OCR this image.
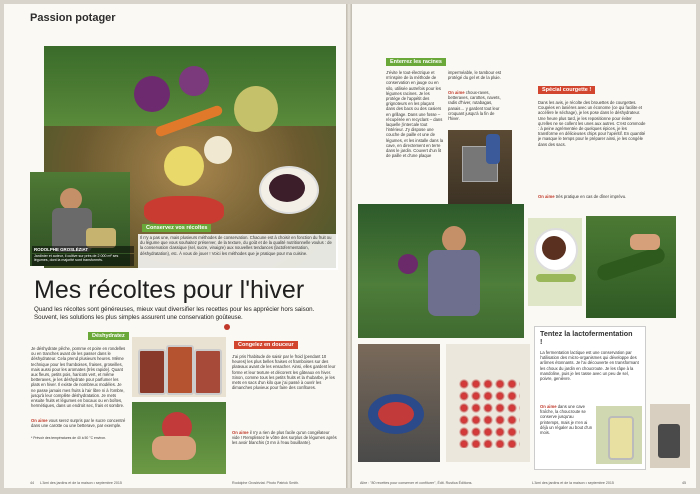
Passion potager
RODOLPHE GROSLÉZIAT
Jardinier et auteur, il cultive sur près de 2 000 m² ses légumes, dont la majorité sont transformés.
Conservez vos récoltes
Il n'y a pas une, mais plusieurs méthodes de conservation. Chacune est à choisir en fonction du fruit ou du légume que vous souhaitez préserver, de la texture, du goût et de la qualité nutritionnelle voulus : de la conservation classique (sel, sucre, vinaigre) aux nouvelles tendances (lactofermentation, déshydratation), etc. À vous de jouer ! Voici les méthodes que je pratique pour ma cuisine.
Mes récoltes pour l'hiver
Quand les récoltes sont généreuses, mieux vaut diversifier les recettes pour les apprécier hors saison. Souvent, les solutions les plus simples assurent une conservation goûteuse.
Déshydratez
Je déshydrate pêche, pomme et poire en rondelles ou en tranches avant de les passer dans le déshydrateur. Cela prend plusieurs heures. Même technique pour les framboises, fraises, groseilles, mais aussi pour les aromates (très rapide). Quant aux fleurs, petits pois, haricots vert, et même betteraves, je les déshydrate pour parfumer les plats en hiver. Il existe de nombreux modèles. Je ne passe jamais mes fruits à l'air libre ni à l'ombre, jusqu'à leur complète déshydratation. Je mets ensuite fruits et légumes en bocaux ou en boîtes, hermétiques, dans un endroit sec, frais et sombre.
On aime vous serez surpris par le sucre concentré dans une carotte ou une betterave, par exemple.
* Prévoir des températures de 40 à 50 °C environ.
Congelez en douceur
J'ai pris l'habitude de saisir par le froid (pendant 10 heures) les plus belles fraises et framboises sur des plateaux avant de les ensacher. Ainsi, elles gardent leur forme et leur texture et décorent les gâteaux en hiver. Sinon, comme tous les petits fruits et la rhubarbe, je les mets en sacs d'un kilo que j'ai passé à ouvrir les dimanches pluvieux pour faire des confitures.
On aime il n'y a rien de plus facile qu'un congélateur vide ! Remplissez le vôtre des surplus de légumes après les avoir blanchis (3 mn à l'eau bouillante).
44 L'Ami des jardins et de la maison • septembre 2015	Rodolphe Grosléziat. Photo Patrick Smith.
Enterrez les racines
J'évite le tout-électrique et m'inspire de la méthode de conservation en jauge ou en silo, utilisée autrefois pour les légumes racines. Je les protège de l'appétit des grignoteurs en les plaçant dans des bacs ou des casiers en grillage. Dans une fosse – récupérée en recyclant – dans laquelle j'intercale tout l'intérieur. J'y dispose une couche de paille et une de légumes, et les installe dans la cave, en directement en terre dans le jardin. Couvert d'un lit de paille et d'une plaque
imperméable, le tambour est protégé du gel et de la pluie.
On aime choux-raves, betteraves, carottes, navets, radis d'hiver, rutabagas, panais… y gardent tout leur croquant jusqu'à la fin de l'hiver.
Spécial courgette !
Dans les avis, je récolte des brouettes de courgettes. Coupées en lanières avec un économe (ce qui facilite et accélère le séchage), je les pose dans le déshydrateur. Une heure plus tard, je les repositionne pour éviter qu'elles ne se collent les unes aux autres. C'est commode : à peine agrémentée de quelques épices, je les transforme en délicieuses chips pour l'apéritif. En quantité je masque le temps pour le préparer ainsi, je les congèle dans des sacs.
On aime très pratique en cas de dîner imprévu.
Tentez la lactofermentation !
La fermentation lactique est une conservation par l'utilisation des micro-organismes qui développe des arômes étonnants. Je l'ai découverte en transformant les choux du jardin en choucroute. Je les râpe à la mandoline, puis je les tasse avec un peu de sel, poivre, genièvre.
On aime dans une cave fraîche, la choucroute se conserve jusqu'au printemps, mais je n'en ai déjà un régaler au bout d'un mois.
Alire : "80 recettes pour conserver et confiturer", Édit. Rustica Éditions.	L'Ami des jardins et de la maison • septembre 2015	45
